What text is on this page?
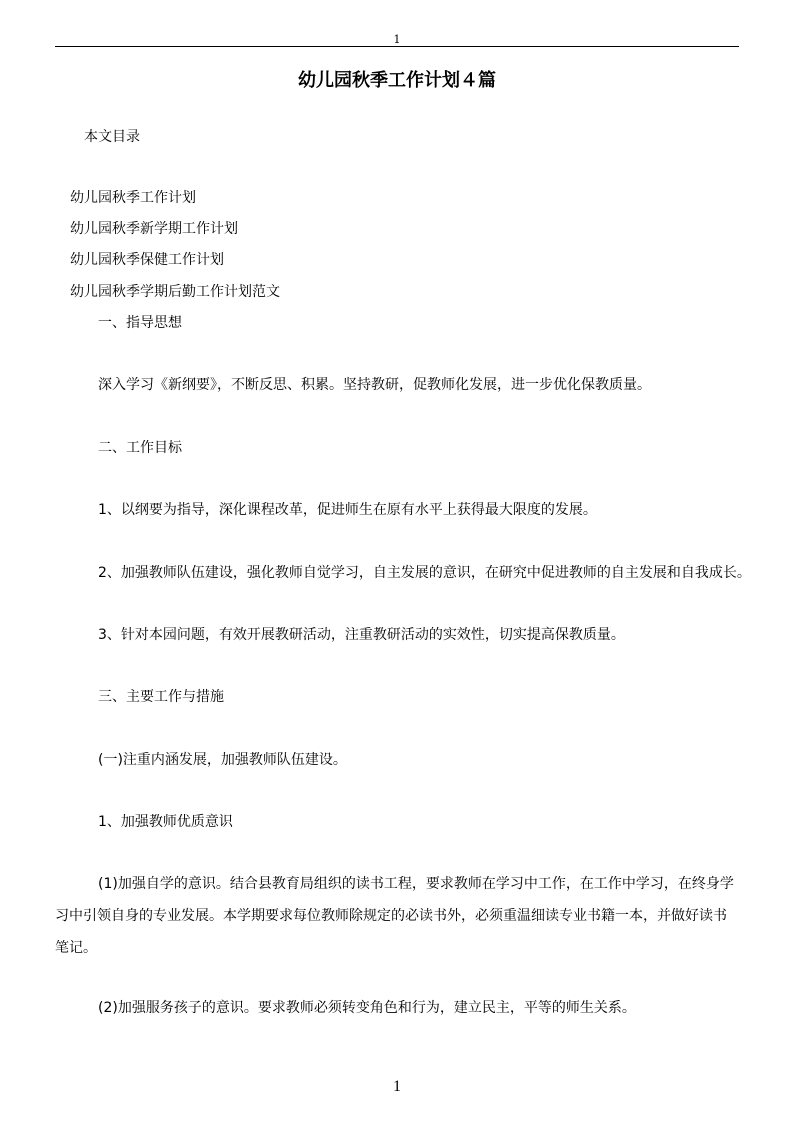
1
幼儿园秋季工作计划４篇
本文目录
幼儿园秋季工作计划
幼儿园秋季新学期工作计划
幼儿园秋季保健工作计划
幼儿园秋季学期后勤工作计划范文
一、指导思想
深入学习《新纲要》，不断反思、积累。坚持教研，促教师化发展，进一步优化保教质量。
二、工作目标
1、以纲要为指导，深化课程改革，促进师生在原有水平上获得最大限度的发展。
2、加强教师队伍建设，强化教师自觉学习，自主发展的意识，在研究中促进教师的自主发展和自我成长。
3、针对本园问题，有效开展教研活动，注重教研活动的实效性，切实提高保教质量。
三、主要工作与措施
(一)注重内涵发展，加强教师队伍建设。
1、加强教师优质意识
(1)加强自学的意识。结合县教育局组织的读书工程，要求教师在学习中工作，在工作中学习，在终身学习中引领自身的专业发展。本学期要求每位教师除规定的必读书外，必须重温细读专业书籍一本，并做好读书笔记。
(2)加强服务孩子的意识。要求教师必须转变角色和行为，建立民主，平等的师生关系。
1
